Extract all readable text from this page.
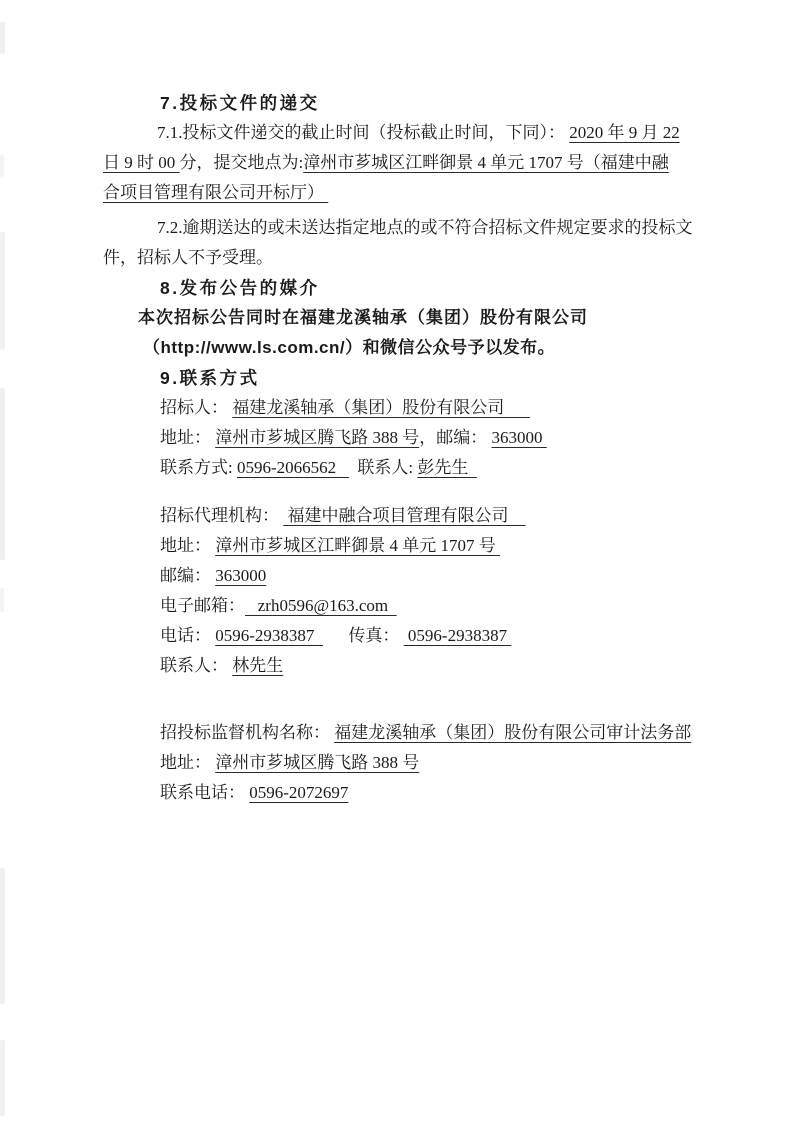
7.投标文件的递交
7.1.投标文件递交的截止时间（投标截止时间，下同）： 2020 年 9 月 22
日 9 时 00 分，提交地点为:漳州市芗城区江畔御景 4 单元 1707 号（福建中融
合项目管理有限公司开标厅）
7.2.逾期送达的或未送达指定地点的或不符合招标文件规定要求的投标文
件，招标人不予受理。
8.发布公告的媒介
本次招标公告同时在福建龙溪轴承（集团）股份有限公司
（http://www.ls.com.cn/）和微信公众号予以发布。
9.联系方式
招标人： 福建龙溪轴承（集团）股份有限公司
地址： 漳州市芗城区腾飞路 388 号，邮编： 363000
联系方式: 0596-2066562     联系人: 彭先生
招标代理机构：  福建中融合项目管理有限公司
地址： 漳州市芗城区江畔御景 4 单元 1707 号
邮编： 363000
电子邮箱：   zrh0596@163.com
电话： 0596-2938387        传真：  0596-2938387
联系人： 林先生
招投标监督机构名称： 福建龙溪轴承（集团）股份有限公司审计法务部
地址： 漳州市芗城区腾飞路 388 号
联系电话： 0596-2072697
